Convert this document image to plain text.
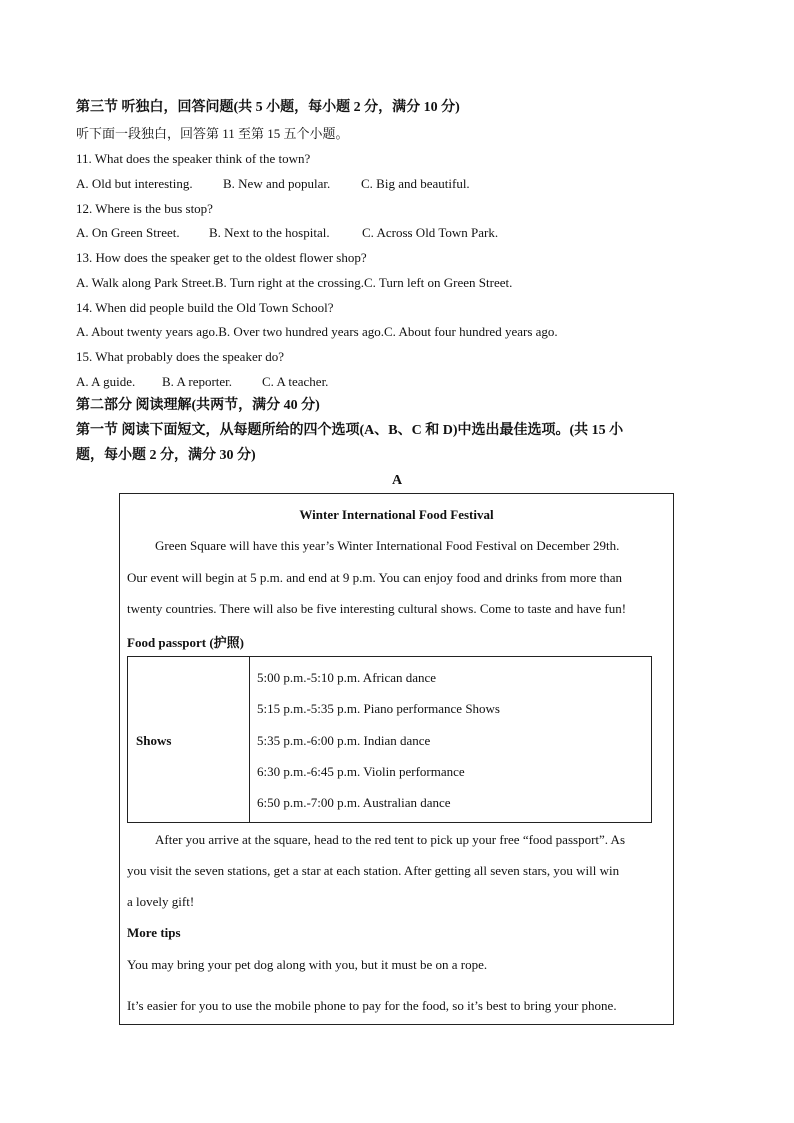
第三节 听独白，回答问题(共 5 小题，每小题 2 分，满分 10 分)
听下面一段独白，回答第 11 至第 15 五个小题。
11. What does the speaker think of the town?
A. Old but interesting. B. New and popular. C. Big and beautiful.
12. Where is the bus stop?
A. On Green Street. B. Next to the hospital. C. Across Old Town Park.
13. How does the speaker get to the oldest flower shop?
A. Walk along Park Street.B. Turn right at the crossing.C. Turn left on Green Street.
14. When did people build the Old Town School?
A. About twenty years ago.B. Over two hundred years ago.C. About four hundred years ago.
15. What probably does the speaker do?
A. A guide. B. A reporter. C. A teacher.
第二部分 阅读理解(共两节，满分 40 分)
第一节 阅读下面短文，从每题所给的四个选项(A、B、C 和 D)中选出最佳选项。(共 15 小
题，每小题 2 分，满分 30 分)
A
Winter International Food Festival
Green Square will have this year’s Winter International Food Festival on December 29th.
Our event will begin at 5 p.m. and end at 9 p.m. You can enjoy food and drinks from more than
twenty countries. There will also be five interesting cultural shows. Come to taste and have fun!
Food passport (护照)
Shows
5:00 p.m.-5:10 p.m. African dance
5:15 p.m.-5:35 p.m. Piano performance Shows
5:35 p.m.-6:00 p.m. Indian dance
6:30 p.m.-6:45 p.m. Violin performance
6:50 p.m.-7:00 p.m. Australian dance
After you arrive at the square, head to the red tent to pick up your free “food passport”. As
you visit the seven stations, get a star at each station. After getting all seven stars, you will win
a lovely gift!
More tips
You may bring your pet dog along with you, but it must be on a rope.
It’s easier for you to use the mobile phone to pay for the food, so it’s best to bring your phone.
